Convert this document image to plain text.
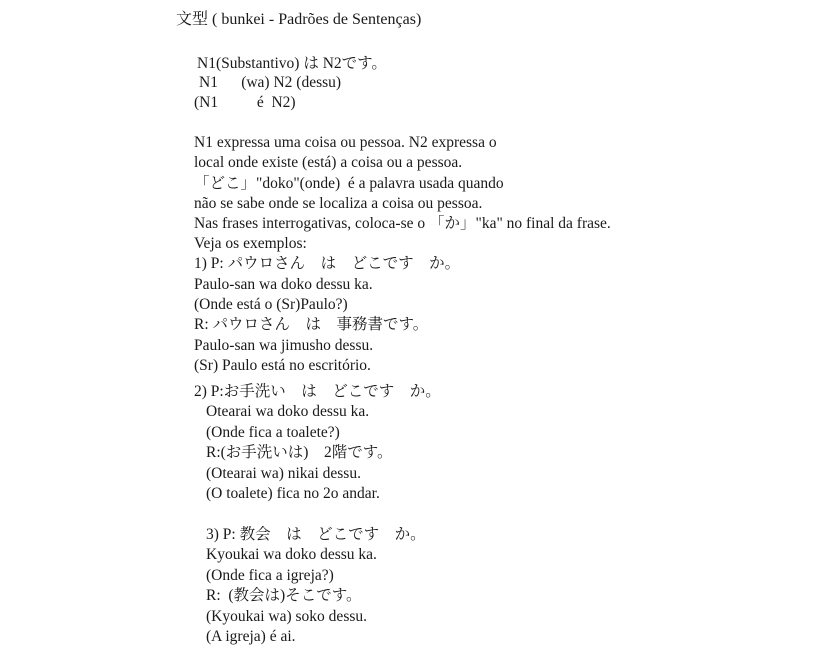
文型 ( bunkei - Padrões de Sentenças)
N1(Substantivo) は N2です。
N1      (wa) N2 (dessu)
(N1          é  N2)
N1 expressa uma coisa ou pessoa. N2 expressa o
local onde existe (está) a coisa ou a pessoa.
「どこ」"doko"(onde)  é a palavra usada quando
não se sabe onde se localiza a coisa ou pessoa.
Nas frases interrogativas, coloca-se o 「か」"ka" no final da frase.
Veja os exemplos:
1) P: パウロさん　は　どこです　か。
Paulo-san wa doko dessu ka.
(Onde está o (Sr)Paulo?)
R: パウロさん　は　事務書です。
Paulo-san wa jimusho dessu.
(Sr) Paulo está no escritório.
2) P:お手洗い　は　どこです　か。
Otearai wa doko dessu ka.
(Onde fica a toalete?)
R:(お手洗いは)　2階です。
(Otearai wa) nikai dessu.
(O toalete) fica no 2o andar.
3) P: 教会　は　どこです　か。
Kyoukai wa doko dessu ka.
(Onde fica a igreja?)
R:  (教会は)そこです。
(Kyoukai wa) soko dessu.
(A igreja) é ai.
